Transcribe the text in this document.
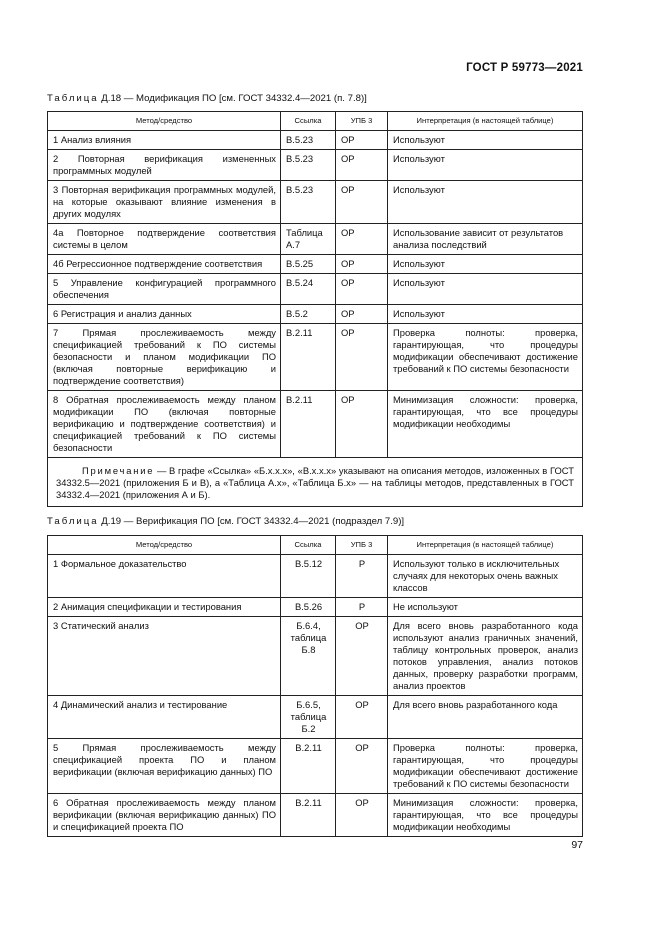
ГОСТ Р 59773—2021
Таблица Д.18 — Модификация ПО [см. ГОСТ 34332.4—2021 (п. 7.8)]
Метод/средство	Ссылка	УПБ 3	Интерпретация (в настоящей таблице)
1 Анализ влияния	B.5.23	OP	Используют
2 Повторная верификация измененных программных модулей	B.5.23	OP	Используют
3 Повторная верификация программных модулей, на которые оказывают влияние изменения в других модулях	B.5.23	OP	Используют
4а Повторное подтверждение соответствия системы в целом	Таблица А.7	OP	Использование зависит от результатов анализа последствий
4б Регрессионное подтверждение соответствия	B.5.25	OP	Используют
5 Управление конфигурацией программного обеспечения	B.5.24	OP	Используют
6 Регистрация и анализ данных	B.5.2	OP	Используют
7 Прямая прослеживаемость между спецификацией требований к ПО системы безопасности и планом модификации ПО (включая повторные верификацию и подтверждение соответствия)	B.2.11	OP	Проверка полноты: проверка, гарантирующая, что процедуры модификации обеспечивают достижение требований к ПО системы безопасности
8 Обратная прослеживаемость между планом модификации ПО (включая повторные верификацию и подтверждение соответствия) и спецификацией требований к ПО системы безопасности	B.2.11	OP	Минимизация сложности: проверка, гарантирующая, что все процедуры модификации необходимы
Примечание — В графе «Ссылка» «Б.х.х.х», «В.х.х.х» указывают на описания методов, изложенных в ГОСТ 34332.5—2021 (приложения Б и В), а «Таблица А.х», «Таблица Б.х» — на таблицы методов, представленных в ГОСТ 34332.4—2021 (приложения А и Б).			
Таблица Д.19 — Верификация ПО [см. ГОСТ 34332.4—2021 (подраздел 7.9)]
Метод/средство	Ссылка	УПБ 3	Интерпретация (в настоящей таблице)
1 Формальное доказательство	B.5.12	P	Используют только в исключительных случаях для некоторых очень важных классов
2 Анимация спецификации и тестирования	B.5.26	P	Не используют
3 Статический анализ	Б.6.4, таблица Б.8	OP	Для всего вновь разработанного кода используют анализ граничных значений, таблицу контрольных проверок, анализ потоков управления, анализ потоков данных, проверку разработки программ, анализ проектов
4 Динамический анализ и тестирование	Б.6.5, таблица Б.2	OP	Для всего вновь разработанного кода
5 Прямая прослеживаемость между спецификацией проекта ПО и планом верификации (включая верификацию данных) ПО	B.2.11	OP	Проверка полноты: проверка, гарантирующая, что процедуры модификации обеспечивают достижение требований к ПО системы безопасности
6 Обратная прослеживаемость между планом верификации (включая верификацию данных) ПО и спецификацией проекта ПО	B.2.11	OP	Минимизация сложности: проверка, гарантирующая, что все процедуры модификации необходимы
97
